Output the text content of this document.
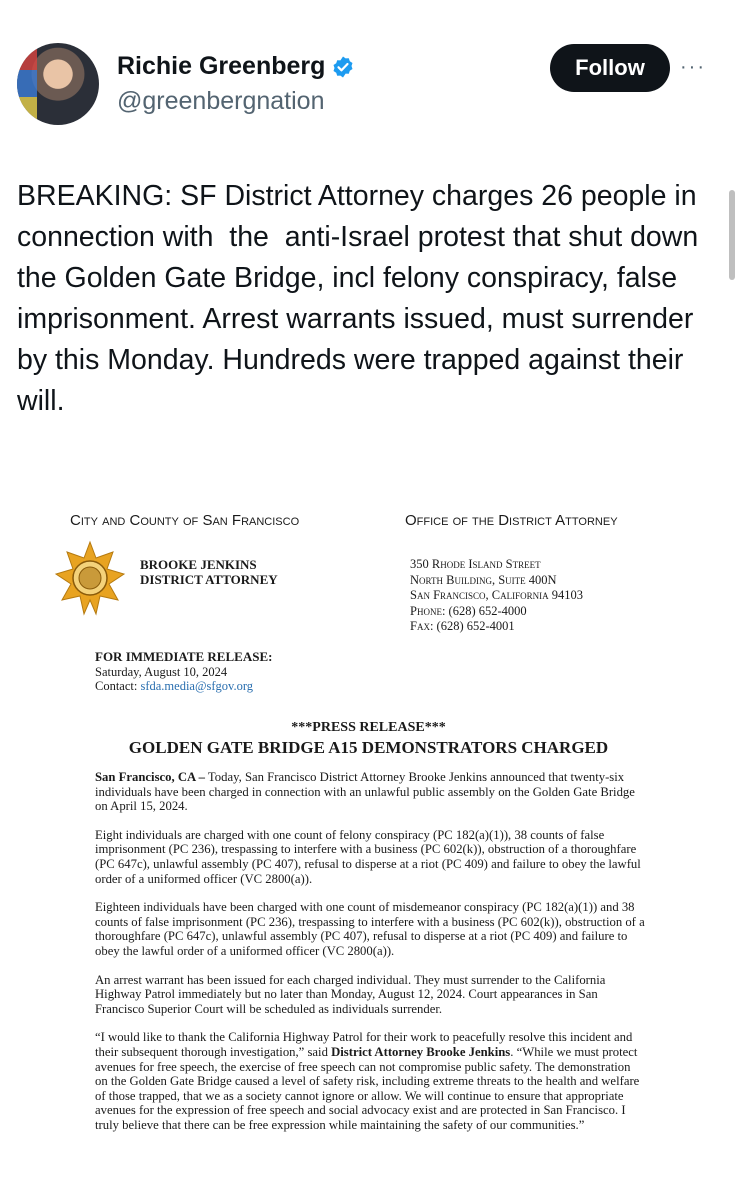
Richie Greenberg
@greenbergnation
Follow	···
BREAKING: SF District Attorney charges 26 people in connection with  the  anti-Israel protest that shut down the Golden Gate Bridge, incl felony conspiracy, false imprisonment. Arrest warrants issued, must surrender by this Monday. Hundreds were trapped against their will.
City and County of San Francisco	Office of the District Attorney
BROOKE JENKINS
DISTRICT ATTORNEY
350 Rhode Island Street
North Building, Suite 400N
San Francisco, California 94103
Phone: (628) 652-4000
Fax: (628) 652-4001
FOR IMMEDIATE RELEASE:
Saturday, August 10, 2024
Contact: sfda.media@sfgov.org
***PRESS RELEASE***
GOLDEN GATE BRIDGE A15 DEMONSTRATORS CHARGED

San Francisco, CA – Today, San Francisco District Attorney Brooke Jenkins announced that twenty-six individuals have been charged in connection with an unlawful public assembly on the Golden Gate Bridge on April 15, 2024.

Eight individuals are charged with one count of felony conspiracy (PC 182(a)(1)), 38 counts of false imprisonment (PC 236), trespassing to interfere with a business (PC 602(k)), obstruction of a thoroughfare (PC 647c), unlawful assembly (PC 407), refusal to disperse at a riot (PC 409) and failure to obey the lawful order of a uniformed officer (VC 2800(a)).

Eighteen individuals have been charged with one count of misdemeanor conspiracy (PC 182(a)(1)) and 38 counts of false imprisonment (PC 236), trespassing to interfere with a business (PC 602(k)), obstruction of a thoroughfare (PC 647c), unlawful assembly (PC 407), refusal to disperse at a riot (PC 409) and failure to obey the lawful order of a uniformed officer (VC 2800(a)).

An arrest warrant has been issued for each charged individual. They must surrender to the California Highway Patrol immediately but no later than Monday, August 12, 2024. Court appearances in San Francisco Superior Court will be scheduled as individuals surrender.

“I would like to thank the California Highway Patrol for their work to peacefully resolve this incident and their subsequent thorough investigation,” said District Attorney Brooke Jenkins. “While we must protect avenues for free speech, the exercise of free speech can not compromise public safety. The demonstration on the Golden Gate Bridge caused a level of safety risk, including extreme threats to the health and welfare of those trapped, that we as a society cannot ignore or allow. We will continue to ensure that appropriate avenues for the expression of free speech and social advocacy exist and are protected in San Francisco. I truly believe that there can be free expression while maintaining the safety of our communities.”
